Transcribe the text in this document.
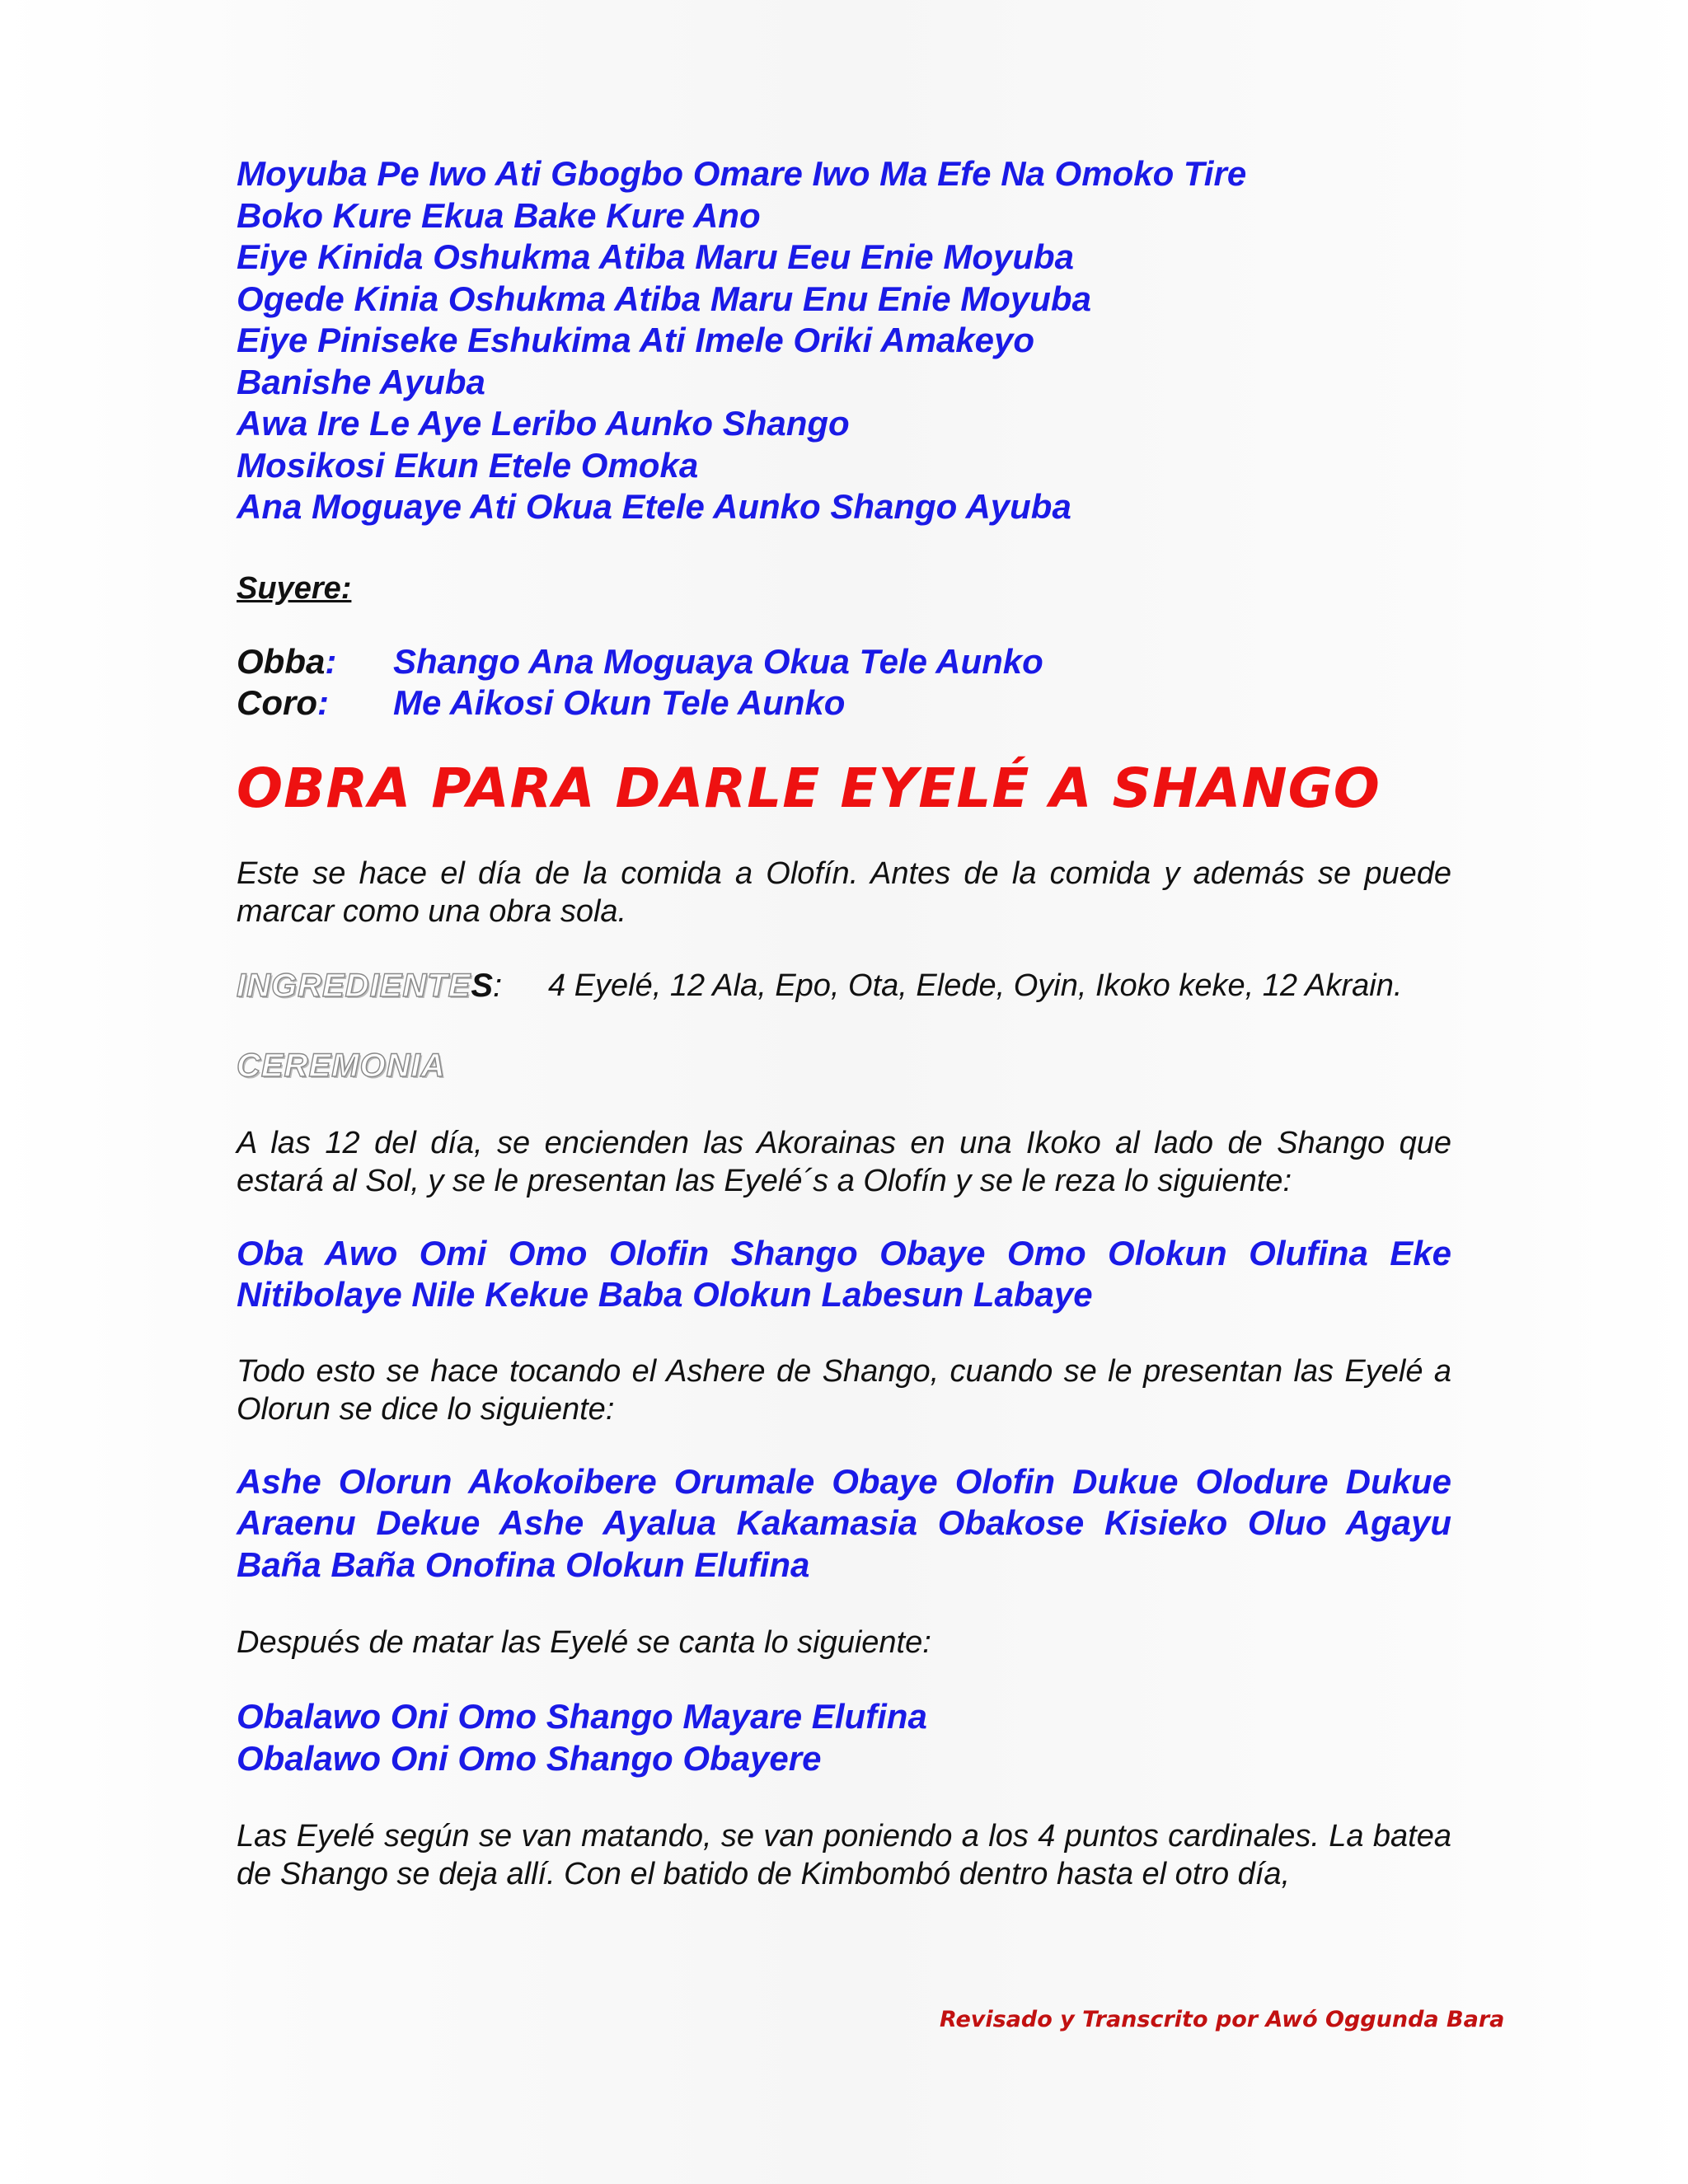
Moyuba Pe Iwo Ati Gbogbo Omare Iwo Ma Efe Na Omoko Tire
Boko Kure Ekua Bake Kure Ano
Eiye Kinida Oshukma Atiba Maru Eeu Enie Moyuba
Ogede Kinia Oshukma Atiba Maru Enu Enie Moyuba
Eiye Piniseke Eshukima Ati Imele Oriki Amakeyo
Banishe Ayuba
Awa Ire Le Aye Leribo Aunko Shango
Mosikosi Ekun Etele Omoka
Ana Moguaye Ati Okua Etele Aunko Shango Ayuba

Suyere:

Obba:	Shango Ana Moguaya Okua Tele Aunko
Coro:	Me Aikosi Okun Tele Aunko
OBRA PARA DARLE EYELÉ A SHANGO

Este se hace el día de la comida a Olofín. Antes de la comida y además se puede marcar como una obra sola.

INGREDIENTES:	4 Eyelé, 12 Ala, Epo, Ota, Elede, Oyin, Ikoko keke, 12 Akrain.
CEREMONIA

A las 12 del día, se encienden las Akorainas en una Ikoko al lado de Shango que estará al Sol, y se le presentan las Eyelé´s a Olofín y se le reza lo siguiente:

Oba Awo Omi Omo Olofin Shango Obaye Omo Olokun Olufina Eke Nitibolaye Nile Kekue Baba Olokun Labesun Labaye

Todo esto se hace tocando el Ashere de Shango, cuando se le presentan las Eyelé a Olorun se dice lo siguiente:

Ashe Olorun Akokoibere Orumale Obaye Olofin Dukue Olodure Dukue Araenu Dekue Ashe Ayalua Kakamasia Obakose Kisieko Oluo Agayu Baña Baña Onofina Olokun Elufina

Después de matar las Eyelé se canta lo siguiente:

Obalawo Oni Omo Shango Mayare Elufina
Obalawo Oni Omo Shango Obayere

Las Eyelé según se van matando, se van poniendo a los 4 puntos cardinales. La batea de Shango se deja allí. Con el batido de Kimbombó dentro hasta el otro día,

Revisado y Transcrito por Awó Oggunda Bara
